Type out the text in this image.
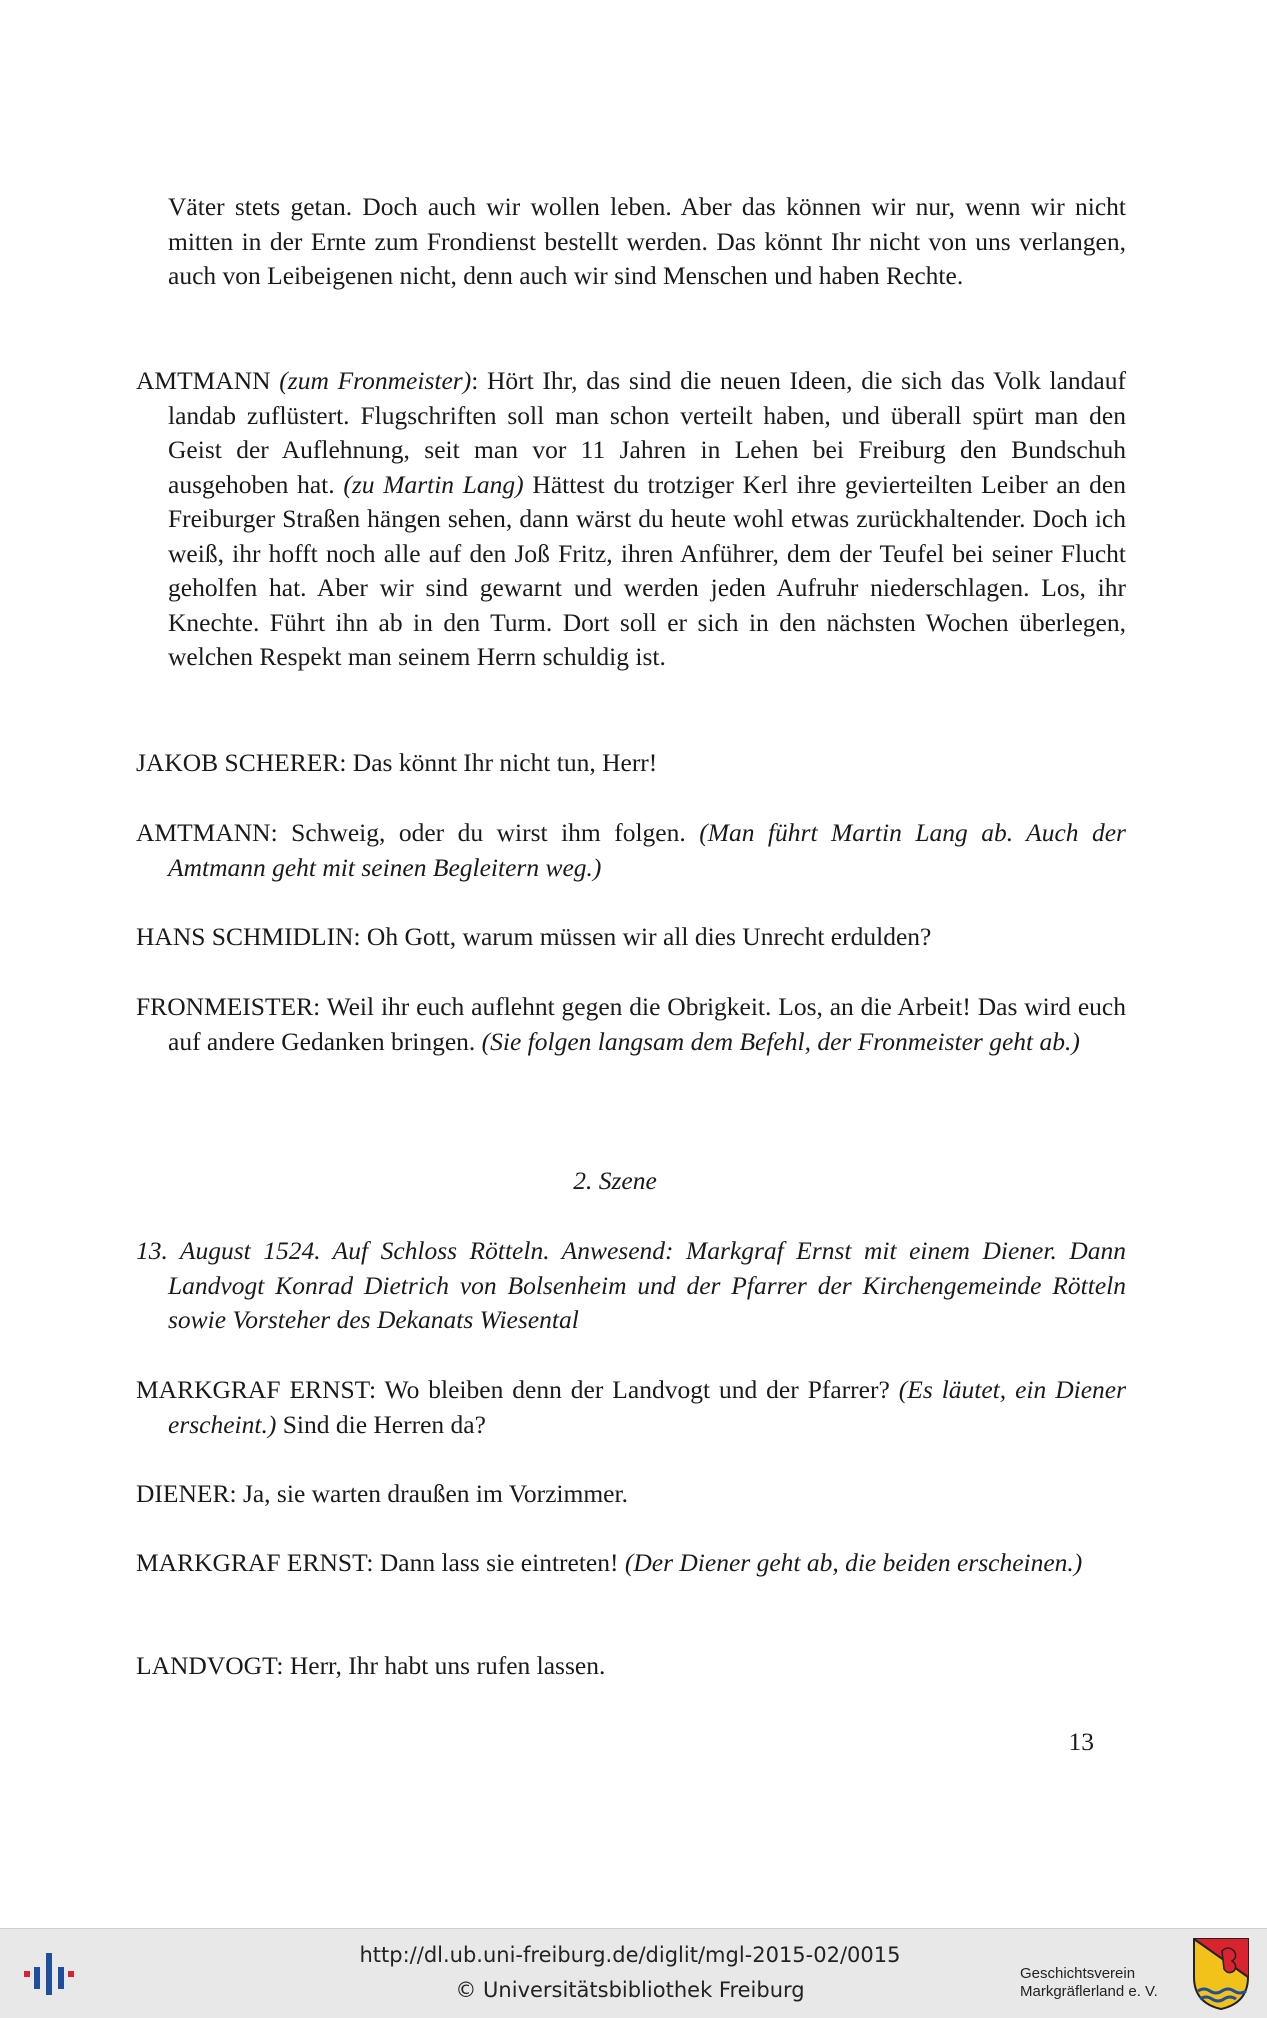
Väter stets getan. Doch auch wir wollen leben. Aber das können wir nur, wenn wir nicht mitten in der Ernte zum Frondienst bestellt werden. Das könnt Ihr nicht von uns verlangen, auch von Leibeigenen nicht, denn auch wir sind Menschen und haben Rechte.
AMTMANN (zum Fronmeister): Hört Ihr, das sind die neuen Ideen, die sich das Volk landauf landab zuflüstert. Flugschriften soll man schon verteilt haben, und überall spürt man den Geist der Auflehnung, seit man vor 11 Jahren in Lehen bei Freiburg den Bundschuh ausgehoben hat. (zu Martin Lang) Hättest du trotziger Kerl ihre gevierteilten Leiber an den Freiburger Straßen hängen sehen, dann wärst du heute wohl etwas zurückhaltender. Doch ich weiß, ihr hofft noch alle auf den Joß Fritz, ihren Anführer, dem der Teufel bei seiner Flucht geholfen hat. Aber wir sind gewarnt und werden jeden Aufruhr niederschlagen. Los, ihr Knechte. Führt ihn ab in den Turm. Dort soll er sich in den nächsten Wochen überlegen, welchen Respekt man seinem Herrn schuldig ist.
JAKOB SCHERER: Das könnt Ihr nicht tun, Herr!
AMTMANN: Schweig, oder du wirst ihm folgen. (Man führt Martin Lang ab. Auch der Amtmann geht mit seinen Begleitern weg.)
HANS SCHMIDLIN: Oh Gott, warum müssen wir all dies Unrecht erdulden?
FRONMEISTER: Weil ihr euch auflehnt gegen die Obrigkeit. Los, an die Arbeit! Das wird euch auf andere Gedanken bringen. (Sie folgen langsam dem Befehl, der Fronmeister geht ab.)
2. Szene
13. August 1524. Auf Schloss Rötteln. Anwesend: Markgraf Ernst mit einem Diener. Dann Landvogt Konrad Dietrich von Bolsenheim und der Pfarrer der Kirchengemeinde Rötteln sowie Vorsteher des Dekanats Wiesental
MARKGRAF ERNST: Wo bleiben denn der Landvogt und der Pfarrer? (Es läutet, ein Diener erscheint.) Sind die Herren da?
DIENER: Ja, sie warten draußen im Vorzimmer.
MARKGRAF ERNST: Dann lass sie eintreten! (Der Diener geht ab, die beiden erscheinen.)
LANDVOGT: Herr, Ihr habt uns rufen lassen.
13
http://dl.ub.uni-freiburg.de/diglit/mgl-2015-02/0015
© Universitätsbibliothek Freiburg
Geschichtsverein
Markgräflerland e. V.
